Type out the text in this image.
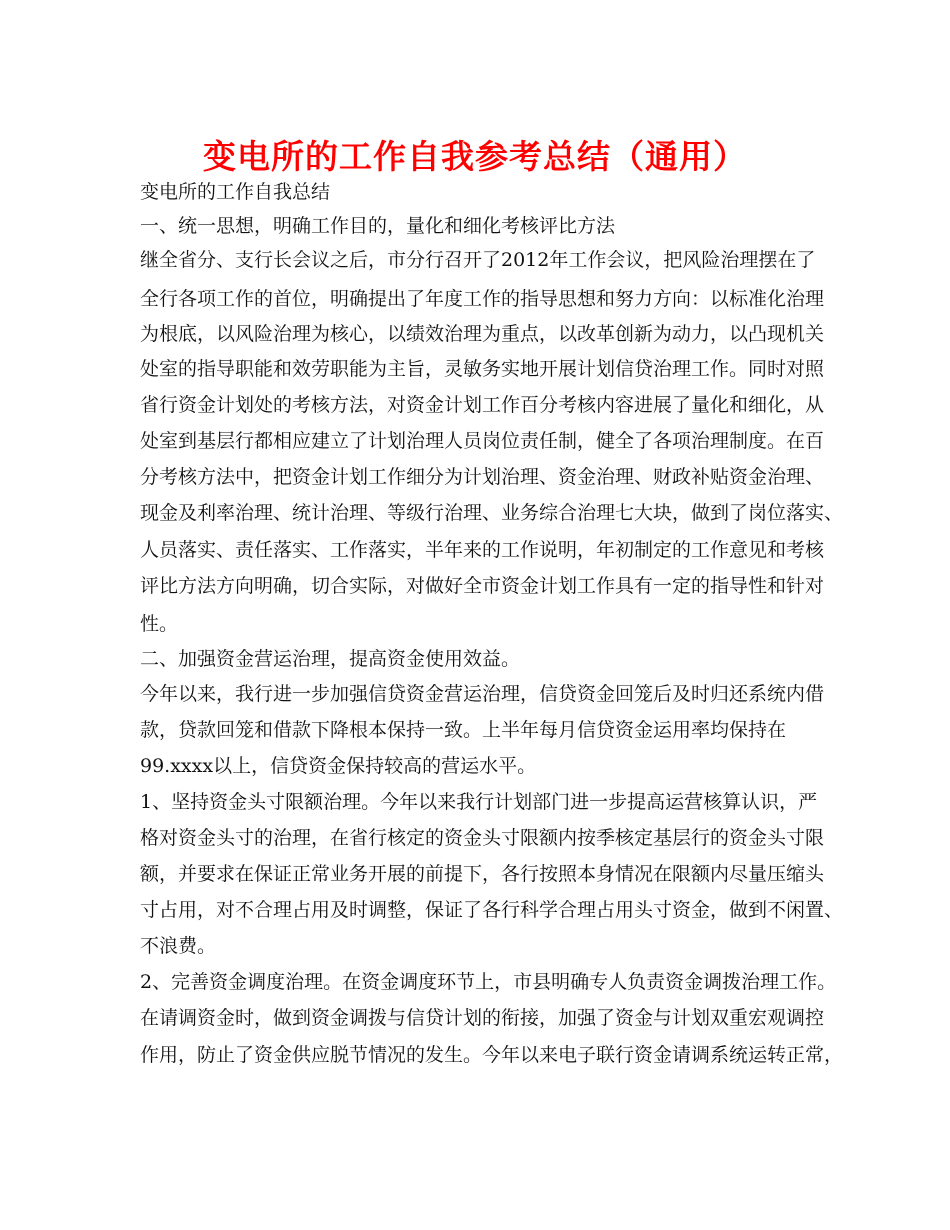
变电所的工作自我参考总结（通用）
变电所的工作自我总结
一、统一思想，明确工作目的，量化和细化考核评比方法
继全省分、支行长会议之后，市分行召开了2012年工作会议，把风险治理摆在了
全行各项工作的首位，明确提出了年度工作的指导思想和努力方向：以标准化治理
为根底，以风险治理为核心，以绩效治理为重点，以改革创新为动力，以凸现机关
处室的指导职能和效劳职能为主旨，灵敏务实地开展计划信贷治理工作。同时对照
省行资金计划处的考核方法，对资金计划工作百分考核内容进展了量化和细化，从
处室到基层行都相应建立了计划治理人员岗位责任制，健全了各项治理制度。在百
分考核方法中，把资金计划工作细分为计划治理、资金治理、财政补贴资金治理、
现金及利率治理、统计治理、等级行治理、业务综合治理七大块，做到了岗位落实、
人员落实、责任落实、工作落实，半年来的工作说明，年初制定的工作意见和考核
评比方法方向明确，切合实际，对做好全市资金计划工作具有一定的指导性和针对
性。
二、加强资金营运治理，提高资金使用效益。
今年以来，我行进一步加强信贷资金营运治理，信贷资金回笼后及时归还系统内借
款，贷款回笼和借款下降根本保持一致。上半年每月信贷资金运用率均保持在
99.xxxx以上，信贷资金保持较高的营运水平。
1、坚持资金头寸限额治理。今年以来我行计划部门进一步提高运营核算认识，严
格对资金头寸的治理，在省行核定的资金头寸限额内按季核定基层行的资金头寸限
额，并要求在保证正常业务开展的前提下，各行按照本身情况在限额内尽量压缩头
寸占用，对不合理占用及时调整，保证了各行科学合理占用头寸资金，做到不闲置、
不浪费。
2、完善资金调度治理。在资金调度环节上，市县明确专人负责资金调拨治理工作。
在请调资金时，做到资金调拨与信贷计划的衔接，加强了资金与计划双重宏观调控
作用，防止了资金供应脱节情况的发生。今年以来电子联行资金请调系统运转正常，
